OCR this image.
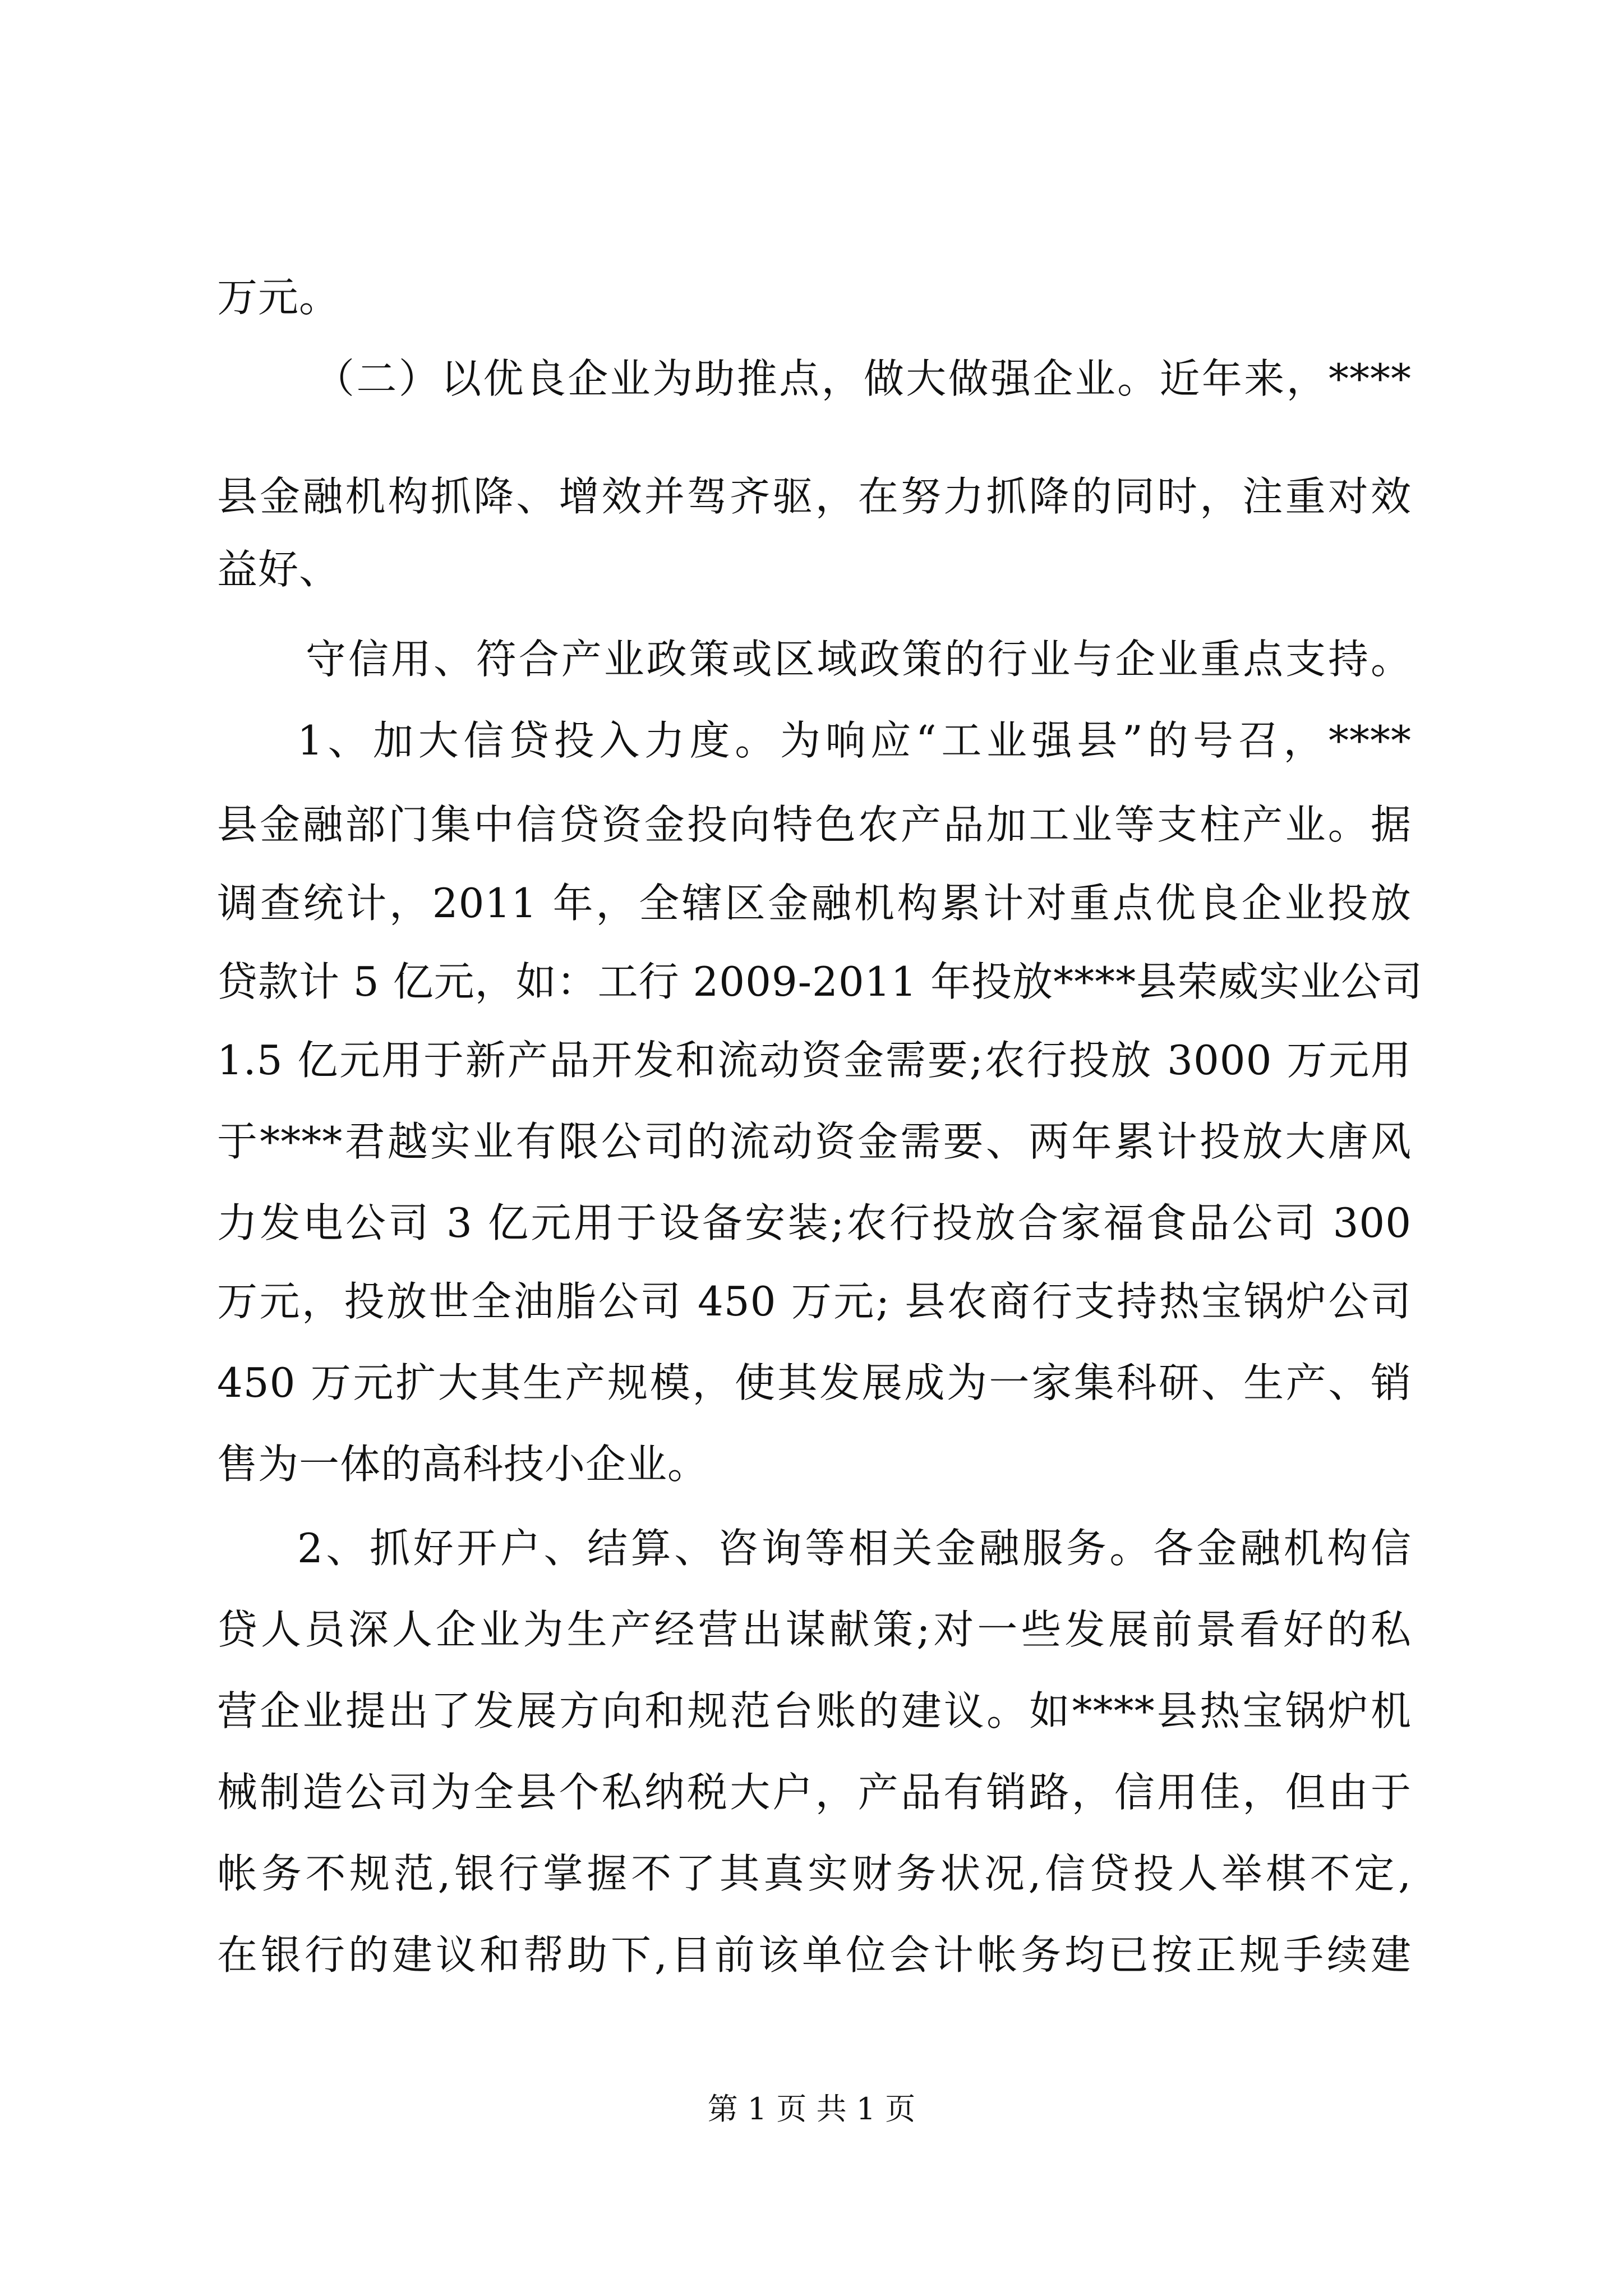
万元。
（二）以优良企业为助推点，做大做强企业。近年来，****
县金融机构抓降、增效并驾齐驱，在努力抓降的同时，注重对效
益好、
守信用、符合产业政策或区域政策的行业与企业重点支持。
1、加大信贷投入力度。为响应“工业强县”的号召，****
县金融部门集中信贷资金投向特色农产品加工业等支柱产业。据
调查统计，2011 年，全辖区金融机构累计对重点优良企业投放
贷款计 5 亿元，如：工行 2009-2011 年投放****县荣威实业公司
1.5 亿元用于新产品开发和流动资金需要;农行投放 3000 万元用
于****君越实业有限公司的流动资金需要、两年累计投放大唐风
力发电公司 3 亿元用于设备安装;农行投放合家福食品公司 300
万元，投放世全油脂公司 450 万元; 县农商行支持热宝锅炉公司
450 万元扩大其生产规模，使其发展成为一家集科研、生产、销
售为一体的高科技小企业。
2、抓好开户、结算、咨询等相关金融服务。各金融机构信
贷人员深人企业为生产经营出谋献策;对一些发展前景看好的私
营企业提出了发展方向和规范台账的建议。如****县热宝锅炉机
械制造公司为全县个私纳税大户，产品有销路，信用佳，但由于
帐务不规范,银行掌握不了其真实财务状况,信贷投人举棋不定,
在银行的建议和帮助下,目前该单位会计帐务均已按正规手续建
第 1 页 共 1 页
